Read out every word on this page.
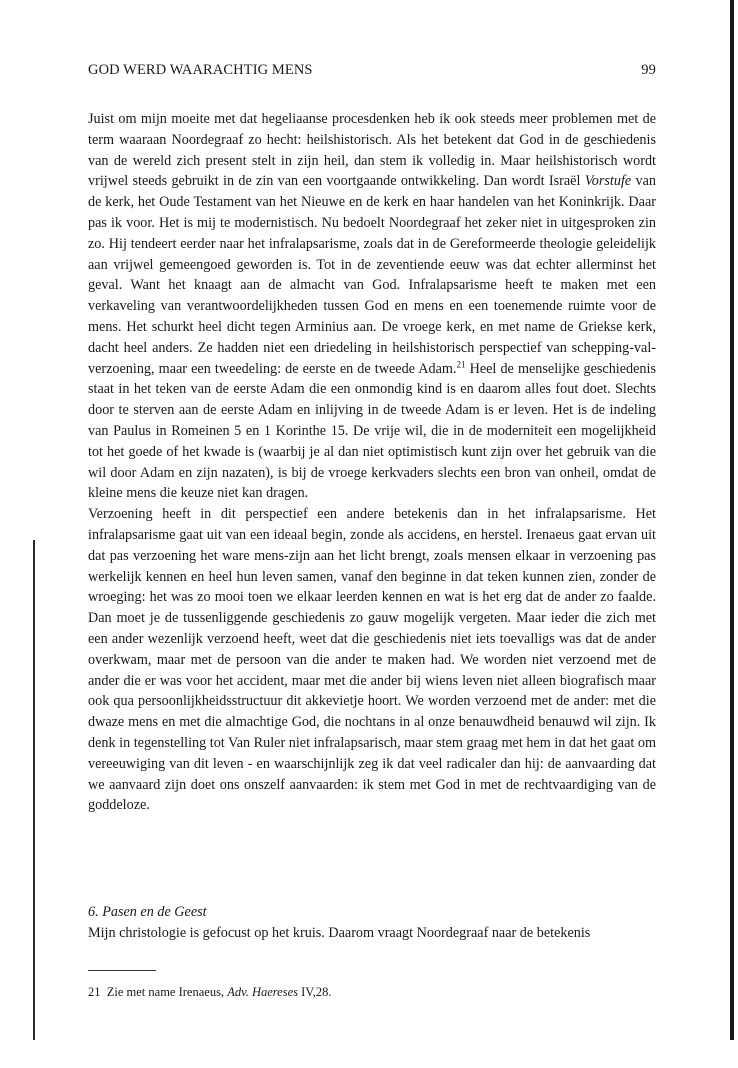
GOD WERD WAARACHTIG MENS	99

Juist om mijn moeite met dat hegeliaanse procesdenken heb ik ook steeds meer problemen met de term waaraan Noordegraaf zo hecht: heilshistorisch. Als het betekent dat God in de geschiedenis van de wereld zich present stelt in zijn heil, dan stem ik volledig in. Maar heilshistorisch wordt vrijwel steeds gebruikt in de zin van een voortgaande ontwikkeling. Dan wordt Israël Vorstufe van de kerk, het Oude Testament van het Nieuwe en de kerk en haar handelen van het Koninkrijk. Daar pas ik voor. Het is mij te modernistisch. Nu bedoelt Noordegraaf het zeker niet in uitgesproken zin zo. Hij tendeert eerder naar het infralapsarisme, zoals dat in de Gereformeerde theologie geleidelijk aan vrijwel gemeengoed geworden is. Tot in de zeventiende eeuw was dat echter allerminst het geval. Want het knaagt aan de almacht van God. Infralapsarisme heeft te maken met een verkaveling van verantwoordelijkheden tussen God en mens en een toenemende ruimte voor de mens. Het schurkt heel dicht tegen Arminius aan. De vroege kerk, en met name de Griekse kerk, dacht heel anders. Ze hadden niet een driedeling in heilshistorisch perspectief van schepping-val-verzoening, maar een tweedeling: de eerste en de tweede Adam.$^{21}$ Heel de menselijke geschiedenis staat in het teken van de eerste Adam die een onmondig kind is en daarom alles fout doet. Slechts door te sterven aan de eerste Adam en inlijving in de tweede Adam is er leven. Het is de indeling van Paulus in Romeinen 5 en 1 Korinthe 15. De vrije wil, die in de moderniteit een mogelijkheid tot het goede of het kwade is (waarbij je al dan niet optimistisch kunt zijn over het gebruik van die wil door Adam en zijn nazaten), is bij de vroege kerkvaders slechts een bron van onheil, omdat de kleine mens die keuze niet kan dragen.

Verzoening heeft in dit perspectief een andere betekenis dan in het infralapsarisme. Het infralapsarisme gaat uit van een ideaal begin, zonde als accidens, en herstel. Irenaeus gaat ervan uit dat pas verzoening het ware mens-zijn aan het licht brengt, zoals mensen elkaar in verzoening pas werkelijk kennen en heel hun leven samen, vanaf den beginne in dat teken kunnen zien, zonder de wroeging: het was zo mooi toen we elkaar leerden kennen en wat is het erg dat de ander zo faalde. Dan moet je de tussenliggende geschiedenis zo gauw mogelijk vergeten. Maar ieder die zich met een ander wezenlijk verzoend heeft, weet dat die geschiedenis niet iets toevalligs was dat de ander overkwam, maar met de persoon van die ander te maken had. We worden niet verzoend met de ander die er was voor het accident, maar met die ander bij wiens leven niet alleen biografisch maar ook qua persoonlijkheidsstructuur dit akkevietje hoort. We worden verzoend met de ander: met die dwaze mens en met die almachtige God, die nochtans in al onze benauwdheid benauwd wil zijn. Ik denk in tegenstelling tot Van Ruler niet infralapsarisch, maar stem graag met hem in dat het gaat om vereeuwiging van dit leven - en waarschijnlijk zeg ik dat veel radicaler dan hij: de aanvaarding dat we aanvaard zijn doet ons onszelf aanvaarden: ik stem met God in met de rechtvaardiging van de goddeloze.

6. Pasen en de Geest
Mijn christologie is gefocust op het kruis. Daarom vraagt Noordegraaf naar de betekenis
21 Zie met name Irenaeus, Adv. Haereses IV,28.
